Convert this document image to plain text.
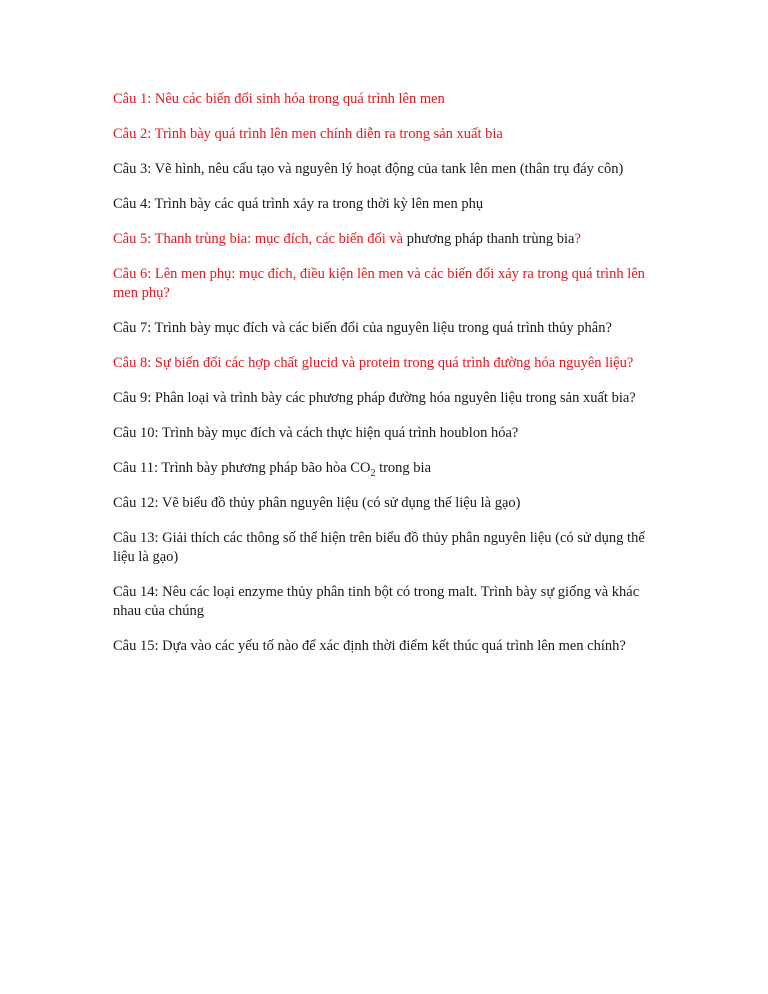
Câu 1: Nêu các biến đổi sinh hóa trong quá trình lên men

Câu 2: Trình bày quá trình lên men chính diễn ra trong sản xuất bia

Câu 3: Vẽ hình, nêu cấu tạo và nguyên lý hoạt động của tank lên men (thân trụ đáy côn)

Câu 4: Trình bày các quá trình xảy ra trong thời kỳ lên men phụ

Câu 5: Thanh trùng bia: mục đích, các biến đổi và phương pháp thanh trùng bia?

Câu 6: Lên men phụ: mục đích, điều kiện lên men và các biến đổi xảy ra trong quá trình lên men phụ?

Câu 7: Trình bày mục đích và các biến đổi của nguyên liệu trong quá trình thủy phân?

Câu 8: Sự biến đổi các hợp chất glucid và protein trong quá trình đường hóa nguyên liệu?

Câu 9: Phân loại và trình bày các phương pháp đường hóa nguyên liệu trong sản xuất bia?

Câu 10: Trình bày mục đích và cách thực hiện quá trình houblon hóa?

Câu 11: Trình bày phương pháp bão hòa $CO_2$ trong bia

Câu 12: Vẽ biểu đồ thủy phân nguyên liệu (có sử dụng thế liệu là gạo)

Câu 13: Giải thích các thông số thể hiện trên biểu đồ thủy phân nguyên liệu (có sử dụng thế liệu là gạo)

Câu 14: Nêu các loại enzyme thủy phân tinh bột có trong malt. Trình bày sự giống và khác nhau của chúng

Câu 15: Dựa vào các yếu tố nào để xác định thời điểm kết thúc quá trình lên men chính?
